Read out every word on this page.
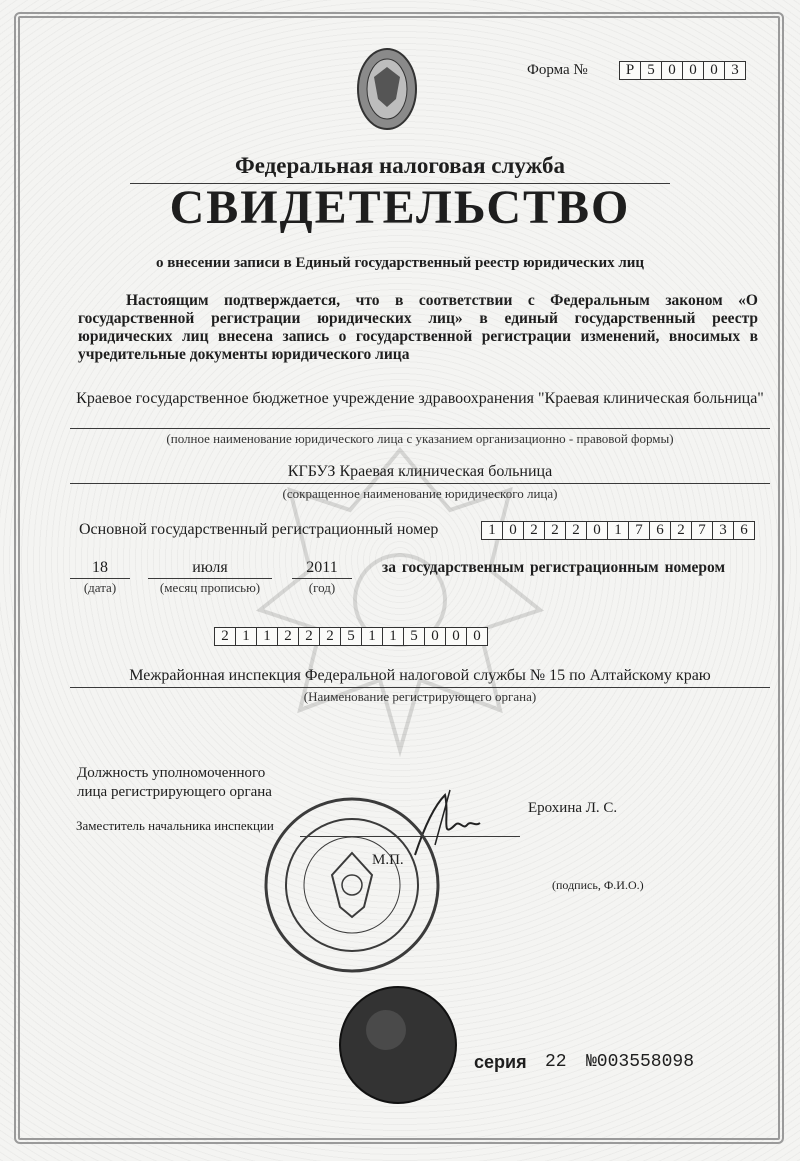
Форма №	Р 5 0 0 0 3
Федеральная налоговая служба
СВИДЕТЕЛЬСТВО
о внесении записи в Единый государственный реестр юридических лиц
Настоящим подтверждается, что в соответствии с Федеральным законом «О государственной регистрации юридических лиц» в единый государственный реестр юридических лиц внесена запись о государственной регистрации изменений, вносимых в учредительные документы юридического лица
Краевое государственное бюджетное учреждение здравоохранения "Краевая клиническая больница"
(полное наименование юридического лица с указанием организационно - правовой формы)
КГБУЗ Краевая клиническая больница
(сокращенное наименование юридического лица)
Основной государственный регистрационный номер	1 0 2 2 2 0 1 7 6 2 7 3 6
18
(дата)
июля
(месяц прописью)
2011
(год)
за государственным регистрационным номером
2 1 1 2 2 2 5 1 1 5 0 0 0
Межрайонная инспекция Федеральной налоговой службы № 15 по Алтайскому краю
(Наименование регистрирующего органа)
Должность уполномоченного
лица регистрирующего органа
Заместитель начальника инспекции
Ерохина Л. С.
(подпись, Ф.И.О.)
М.П.
серия 22 №003558098
